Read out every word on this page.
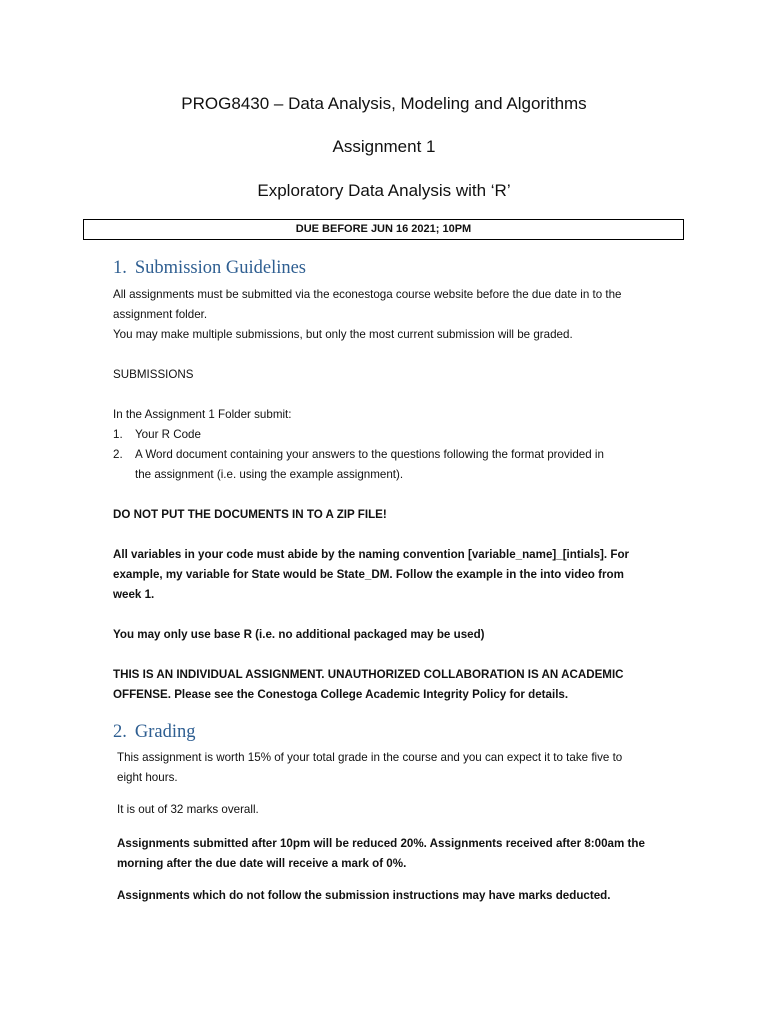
PROG8430 – Data Analysis, Modeling and Algorithms
Assignment 1
Exploratory Data Analysis with ‘R’
DUE BEFORE JUN 16 2021; 10PM
1. Submission Guidelines
All assignments must be submitted via the econestoga course website before the due date in to the
assignment folder.
You may make multiple submissions, but only the most current submission will be graded.
SUBMISSIONS
In the Assignment 1 Folder submit:
1. Your R Code
2. A Word document containing your answers to the questions following the format provided in
the assignment (i.e. using the example assignment).
DO NOT PUT THE DOCUMENTS IN TO A ZIP FILE!
All variables in your code must abide by the naming convention [variable_name]_[intials]. For
example, my variable for State would be State_DM. Follow the example in the into video from
week 1.
You may only use base R (i.e. no additional packaged may be used)
THIS IS AN INDIVIDUAL ASSIGNMENT. UNAUTHORIZED COLLABORATION IS AN ACADEMIC
OFFENSE. Please see the Conestoga College Academic Integrity Policy for details.
2. Grading
This assignment is worth 15% of your total grade in the course and you can expect it to take five to
eight hours.
It is out of 32 marks overall.
Assignments submitted after 10pm will be reduced 20%. Assignments received after 8:00am the
morning after the due date will receive a mark of 0%.
Assignments which do not follow the submission instructions may have marks deducted.
